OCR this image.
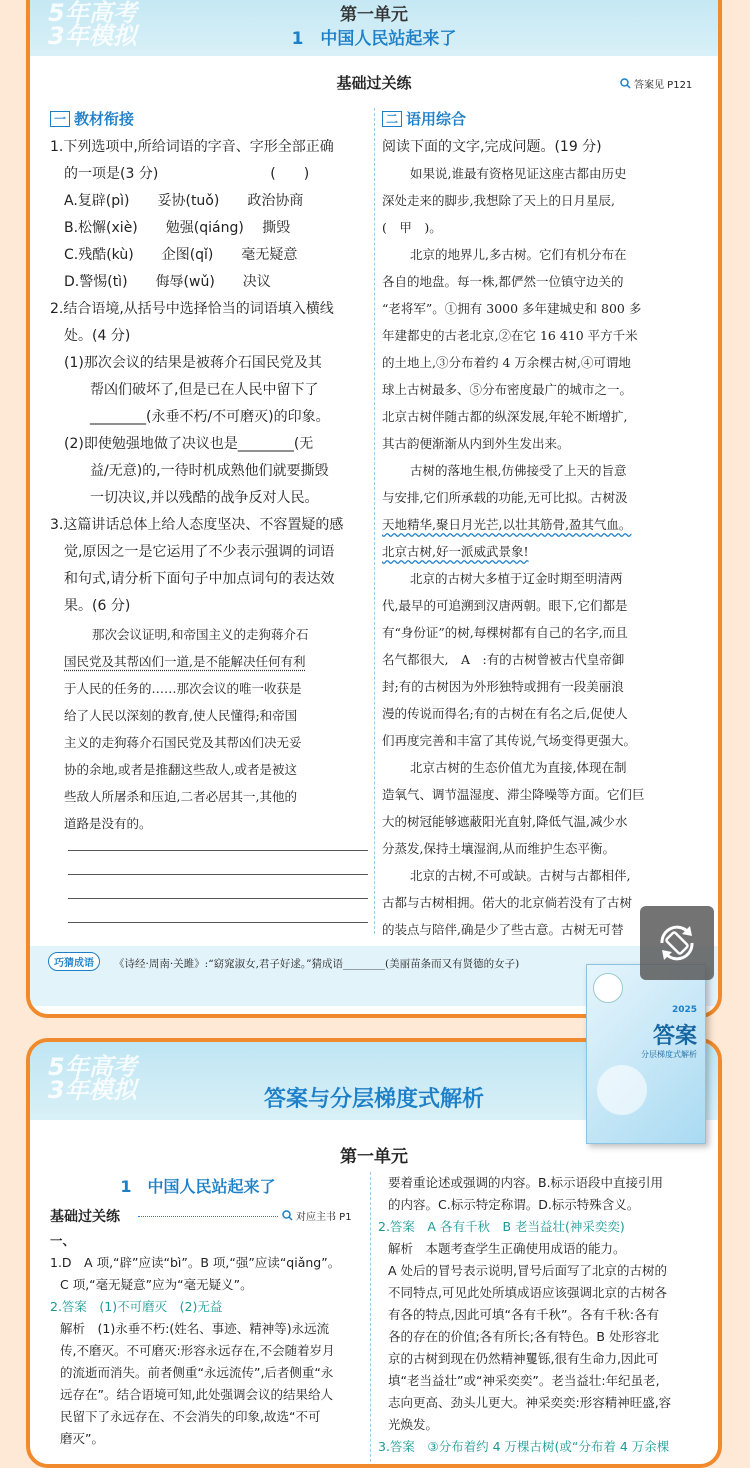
5年高考
3年模拟
第一单元
1　中国人民站起来了
基础过关练	答案见 P121
一 教材衔接	二 语用综合
1.下列选项中,所给词语的字音、字形全部正确
的一项是(3 分)　　　　　　　　(　　)
A.复辟(pì)　　妥协(tuǒ)　　政治协商
B.松懈(xiè)　　勉强(qiáng)　 撕毁
C.残酷(kù)　　企图(qǐ)　　毫无疑意
D.警惕(tì)　　侮辱(wǔ)　　决议
2.结合语境,从括号中选择恰当的词语填入横线
处。(4 分)
(1)那次会议的结果是被蒋介石国民党及其
帮凶们破坏了,但是已在人民中留下了
________(永垂不朽/不可磨灭)的印象。
(2)即使勉强地做了决议也是________(无
益/无意)的,一待时机成熟他们就要撕毁
一切决议,并以残酷的战争反对人民。
3.这篇讲话总体上给人态度坚决、不容置疑的感
觉,原因之一是它运用了不少表示强调的词语
和句式,请分析下面句子中加点词句的表达效
果。(6 分)
那次会议证明,和帝国主义的走狗蒋介石
国民党及其帮凶们一道,是不能解决任何有利
于人民的任务的……那次会议的唯一收获是
给了人民以深刻的教育,使人民懂得;和帝国
主义的走狗蒋介石国民党及其帮凶们决无妥
协的余地,或者是推翻这些敌人,或者是被这
些敌人所屠杀和压迫,二者必居其一,其他的
道路是没有的。
阅读下面的文字,完成问题。(19 分)
如果说,谁最有资格见证这座古都由历史
深处走来的脚步,我想除了天上的日月星辰,
(　甲　)。
北京的地界儿,多古树。它们有机分布在
各自的地盘。每一株,都俨然一位镇守边关的
“老将军”。①拥有 3000 多年建城史和 800 多
年建都史的古老北京,②在它 16 410 平方千米
的土地上,③分布着约 4 万余棵古树,④可谓地
球上古树最多、⑤分布密度最广的城市之一。
北京古树伴随古都的纵深发展,年轮不断增扩,
其古韵便渐渐从内到外生发出来。
古树的落地生根,仿佛接受了上天的旨意
与安排,它们所承载的功能,无可比拟。古树汲
天地精华,聚日月光芒,以壮其筋骨,盈其气血。
北京古树,好一派威武景象!
北京的古树大多植于辽金时期至明清两
代,最早的可追溯到汉唐两朝。眼下,它们都是
有“身份证”的树,每棵树都有自己的名字,而且
名气都很大,　A　:有的古树曾被古代皇帝御
封;有的古树因为外形独特或拥有一段美丽浪
漫的传说而得名;有的古树在有名之后,促使人
们再度完善和丰富了其传说,气场变得更强大。
北京古树的生态价值尤为直接,体现在制
造氧气、调节温湿度、滞尘降噪等方面。它们巨
大的树冠能够遮蔽阳光直射,降低气温,减少水
分蒸发,保持土壤湿润,从而维护生态平衡。
北京的古树,不可或缺。古树与古都相伴,
古都与古树相拥。偌大的北京倘若没有了古树
的装点与陪伴,确是少了些古意。古树无可替
巧猜成语	《诗经·周南·关雎》:“窈窕淑女,君子好逑。”猜成语________(美丽苗条而又有贤德的女子)
5年高考
3年模拟	答案与分层梯度式解析
第一单元
1　中国人民站起来了
基础过关练	对应主书 P1
一、
1.D　A 项,“辟”应读“bì”。B 项,“强”应读“qiǎng”。
C 项,“毫无疑意”应为“毫无疑义”。
2.答案　(1)不可磨灭　(2)无益
解析　(1)永垂不朽:(姓名、事迹、精神等)永远流
传,不磨灭。不可磨灭:形容永远存在,不会随着岁月
的流逝而消失。前者侧重“永远流传”,后者侧重“永
远存在”。结合语境可知,此处强调会议的结果给人
民留下了永远存在、不会消失的印象,故选“不可
磨灭”。
要着重论述或强调的内容。B.标示语段中直接引用
的内容。C.标示特定称谓。D.标示特殊含义。
2.答案　A 各有千秋　B 老当益壮(神采奕奕)
解析　本题考查学生正确使用成语的能力。
A 处后的冒号表示说明,冒号后面写了北京的古树的
不同特点,可见此处所填成语应该强调北京的古树各
有各的特点,因此可填“各有千秋”。各有千秋:各有
各的存在的价值;各有所长;各有特色。B 处形容北
京的古树到现在仍然精神矍铄,很有生命力,因此可
填“老当益壮”或“神采奕奕”。老当益壮:年纪虽老,
志向更高、劲头儿更大。神采奕奕:形容精神旺盛,容
光焕发。
3.答案　③分布着约 4 万棵古树(或“分布着 4 万余棵
2025
答案
分层梯度式解析
